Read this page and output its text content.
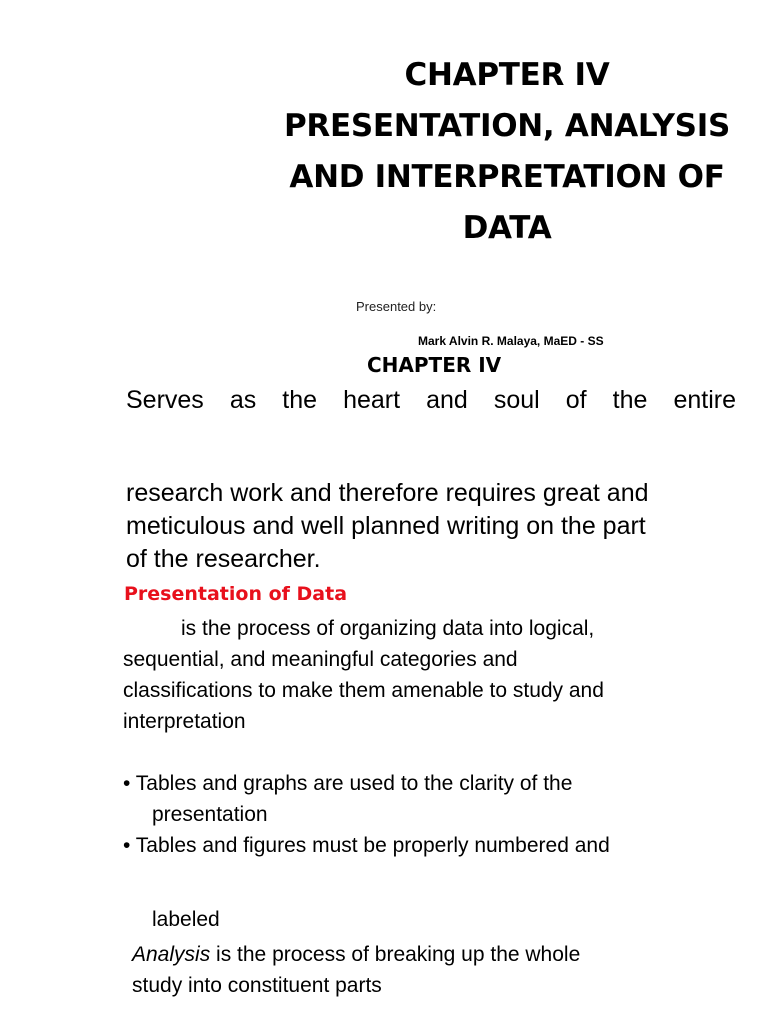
CHAPTER IV
PRESENTATION, ANALYSIS
AND INTERPRETATION OF
DATA
Presented by:
Mark Alvin R. Malaya, MaED - SS
CHAPTER IV
Serves as the heart and soul of the entire
research work and therefore requires great and
meticulous and well planned writing on the part
of the researcher.
Presentation of Data
is the process of organizing data into logical,
sequential, and meaningful categories and
classifications to make them amenable to study and
interpretation
• Tables and graphs are used to the clarity of the
presentation
• Tables and figures must be properly numbered and
labeled
Analysis is the process of breaking up the whole
study into constituent parts
